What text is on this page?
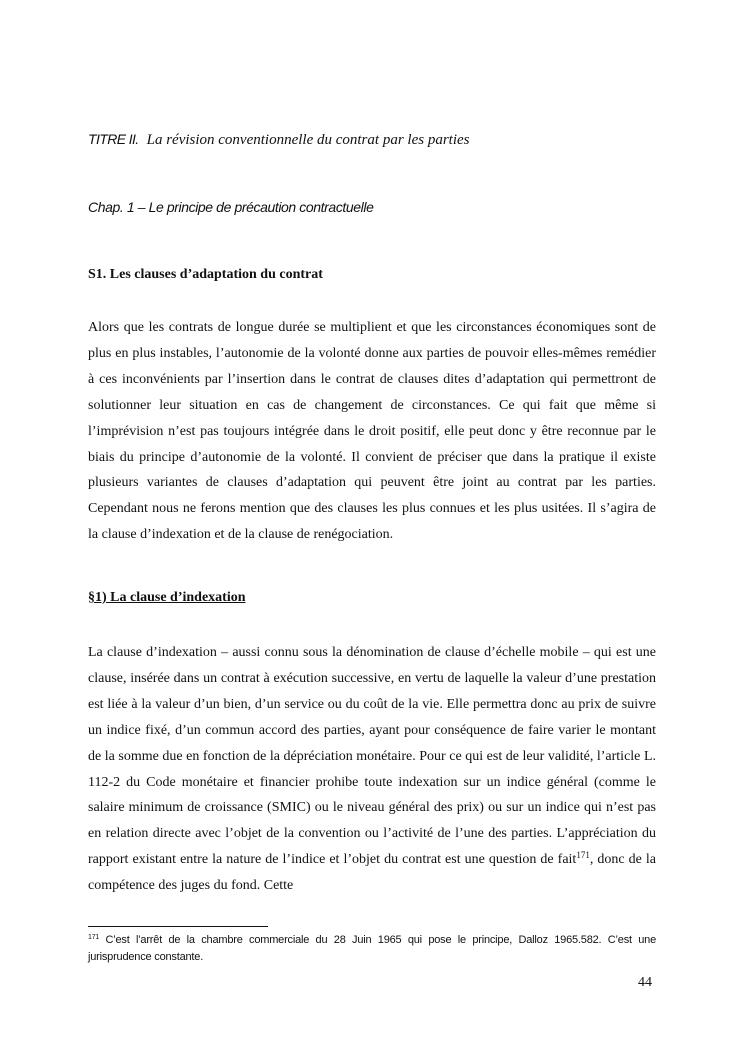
TITRE II. La révision conventionnelle du contrat par les parties
Chap. 1 – Le principe de précaution contractuelle
S1. Les clauses d’adaptation du contrat

Alors que les contrats de longue durée se multiplient et que les circonstances économiques sont de plus en plus instables, l’autonomie de la volonté donne aux parties de pouvoir elles-mêmes remédier à ces inconvénients par l’insertion dans le contrat de clauses dites d’adaptation qui permettront de solutionner leur situation en cas de changement de circonstances. Ce qui fait que même si l’imprévision n’est pas toujours intégrée dans le droit positif, elle peut donc y être reconnue par le biais du principe d’autonomie de la volonté. Il convient de préciser que dans la pratique il existe plusieurs variantes de clauses d’adaptation qui peuvent être joint au contrat par les parties. Cependant nous ne ferons mention que des clauses les plus connues et les plus usitées. Il s’agira de la clause d’indexation et de la clause de renégociation.

§1) La clause d’indexation

La clause d’indexation – aussi connu sous la dénomination de clause d’échelle mobile – qui est une clause, insérée dans un contrat à exécution successive, en vertu de laquelle la valeur d’une prestation est liée à la valeur d’un bien, d’un service ou du coût de la vie. Elle permettra donc au prix de suivre un indice fixé, d’un commun accord des parties, ayant pour conséquence de faire varier le montant de la somme due en fonction de la dépréciation monétaire. Pour ce qui est de leur validité, l’article L. 112-2 du Code monétaire et financier prohibe toute indexation sur un indice général (comme le salaire minimum de croissance (SMIC) ou le niveau général des prix) ou sur un indice qui n’est pas en relation directe avec l’objet de la convention ou l’activité de l’une des parties. L’appréciation du rapport existant entre la nature de l’indice et l’objet du contrat est une question de fait$^{171}$, donc de la compétence des juges du fond. Cette

$^{171}$ C’est l’arrêt de la chambre commerciale du 28 Juin 1965 qui pose le principe, Dalloz 1965.582. C’est une jurisprudence constante.
44
